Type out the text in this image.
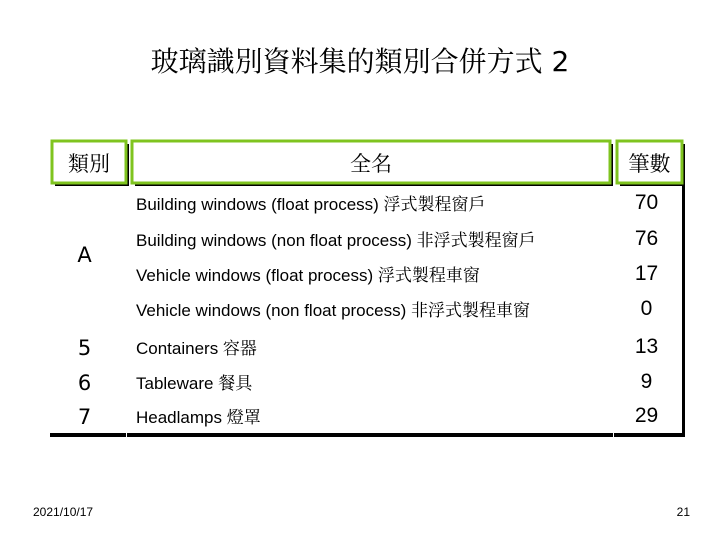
玻璃識別資料集的類別合併方式 2
類別	全名	筆數
A
Building windows (float process) 浮式製程窗戶	70
Building windows (non float process) 非浮式製程窗戶	76
Vehicle windows (float process) 浮式製程車窗	17
Vehicle windows (non float process) 非浮式製程車窗	0
5	Containers 容器	13
6	Tableware 餐具	9
7	Headlamps 燈罩	29
2021/10/17	21
